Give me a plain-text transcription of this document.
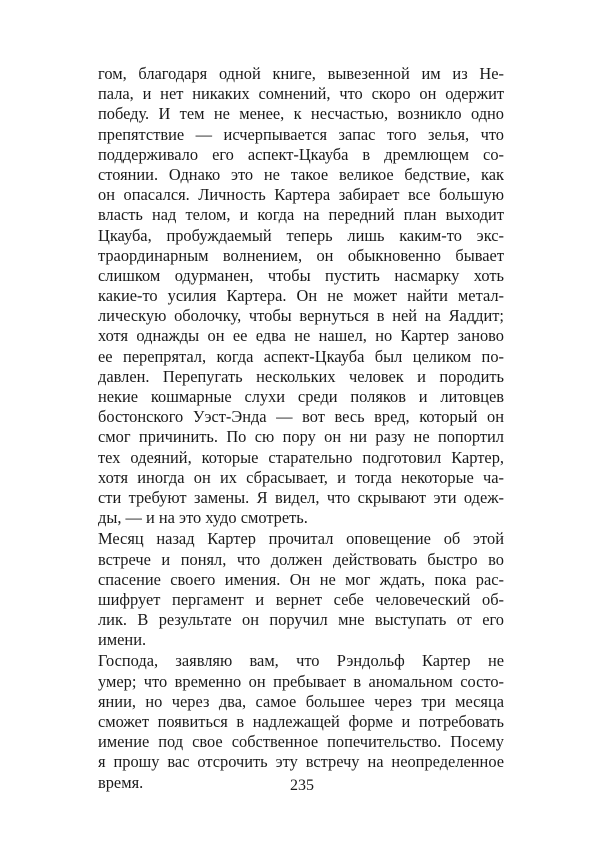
гом, благодаря одной книге, вывезенной им из Не-
пала, и нет никаких сомнений, что скоро он одержит
победу. И тем не менее, к несчастью, возникло одно
препятствие — исчерпывается запас того зелья, что
поддерживало его аспект-Цкауба в дремлющем со-
стоянии. Однако это не такое великое бедствие, как
он опасался. Личность Картера забирает все большую
власть над телом, и когда на передний план выходит
Цкауба, пробуждаемый теперь лишь каким-то экс-
траординарным волнением, он обыкновенно бывает
слишком одурманен, чтобы пустить насмарку хоть
какие-то усилия Картера. Он не может найти метал-
лическую оболочку, чтобы вернуться в ней на Яаддит;
хотя однажды он ее едва не нашел, но Картер заново
ее перепрятал, когда аспект-Цкауба был целиком по-
давлен. Перепугать нескольких человек и породить
некие кошмарные слухи среди поляков и литовцев
бостонского Уэст-Энда — вот весь вред, который он
смог причинить. По сю пору он ни разу не попортил
тех одеяний, которые старательно подготовил Картер,
хотя иногда он их сбрасывает, и тогда некоторые ча-
сти требуют замены. Я видел, что скрывают эти одеж-
ды, — и на это худо смотреть.
Месяц назад Картер прочитал оповещение об этой
встрече и понял, что должен действовать быстро во
спасение своего имения. Он не мог ждать, пока рас-
шифрует пергамент и вернет себе человеческий об-
лик. В результате он поручил мне выступать от его
имени.
Господа, заявляю вам, что Рэндольф Картер не
умер; что временно он пребывает в аномальном состо-
янии, но через два, самое большее через три месяца
сможет появиться в надлежащей форме и потребовать
имение под свое собственное попечительство. Посему
я прошу вас отсрочить эту встречу на неопределенное
время.	235
